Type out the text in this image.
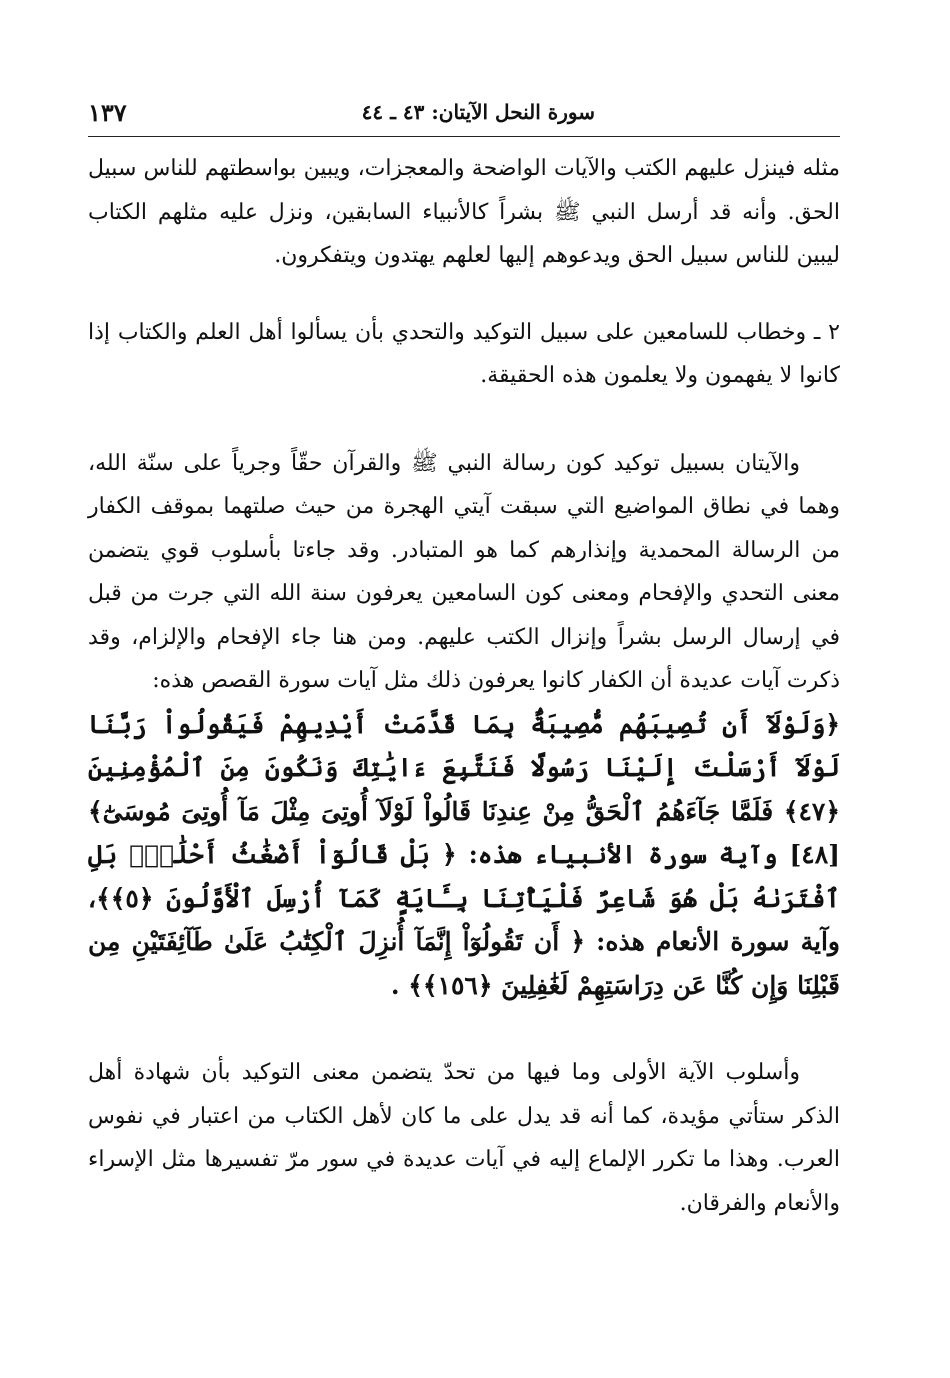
سورة النحل الآيتان: ٤٣ ـ ٤٤
١٣٧

مثله فينزل عليهم الكتب والآيات الواضحة والمعجزات، ويبين بواسطتهم للناس سبيل الحق. وأنه قد أرسل النبي ﷺ بشراً كالأنبياء السابقين، ونزل عليه مثلهم الكتاب ليبين للناس سبيل الحق ويدعوهم إليها لعلهم يهتدون ويتفكرون.

٢ ـ وخطاب للسامعين على سبيل التوكيد والتحدي بأن يسألوا أهل العلم والكتاب إذا كانوا لا يفهمون ولا يعلمون هذه الحقيقة.

والآيتان بسبيل توكيد كون رسالة النبي ﷺ والقرآن حقّاً وجرياً على سنّة الله، وهما في نطاق المواضيع التي سبقت آيتي الهجرة من حيث صلتهما بموقف الكفار من الرسالة المحمدية وإنذارهم كما هو المتبادر. وقد جاءتا بأسلوب قوي يتضمن معنى التحدي والإفحام ومعنى كون السامعين يعرفون سنة الله التي جرت من قبل في إرسال الرسل بشراً وإنزال الكتب عليهم. ومن هنا جاء الإفحام والإلزام، وقد ذكرت آيات عديدة أن الكفار كانوا يعرفون ذلك مثل آيات سورة القصص هذه:

﴿وَلَوْلَآ أَن تُصِيبَهُم مُّصِيبَةٌۢ بِمَا قَدَّمَتْ أَيْدِيهِمْ فَيَقُولُواْ رَبَّنَا لَوْلَآ أَرْسَلْتَ إِلَيْنَا رَسُولًا فَنَتَّبِعَ ءَايَٰتِكَ وَنَكُونَ مِنَ ٱلْمُؤْمِنِينَ ﴿٤٧﴾ فَلَمَّا جَآءَهُمُ ٱلْحَقُّ مِنْ عِندِنَا قَالُواْ لَوْلَآ أُوتِىَ مِثْلَ مَآ أُوتِىَ مُوسَىٰٓ﴾ [٤٨] وآية سورة الأنبياء هذه: ﴿ بَلْ قَالُوٓاْ أَضْغَٰثُ أَحْلَٰمٍۭ بَلِ ٱفْتَرَىٰهُ بَلْ هُوَ شَاعِرٌ فَلْيَأْتِنَا بِـَٔايَةٍ كَمَآ أُرْسِلَ ٱلْأَوَّلُونَ ﴿٥﴾﴾، وآية سورة الأنعام هذه: ﴿ أَن تَقُولُوٓاْ إِنَّمَآ أُنزِلَ ٱلْكِتَٰبُ عَلَىٰ طَآئِفَتَيْنِ مِن قَبْلِنَا وَإِن كُنَّا عَن دِرَاسَتِهِمْ لَغَٰفِلِينَ ﴿١٥٦﴾﴾ .

وأسلوب الآية الأولى وما فيها من تحدّ يتضمن معنى التوكيد بأن شهادة أهل الذكر ستأتي مؤيدة، كما أنه قد يدل على ما كان لأهل الكتاب من اعتبار في نفوس العرب. وهذا ما تكرر الإلماع إليه في آيات عديدة في سور مرّ تفسيرها مثل الإسراء والأنعام والفرقان.
